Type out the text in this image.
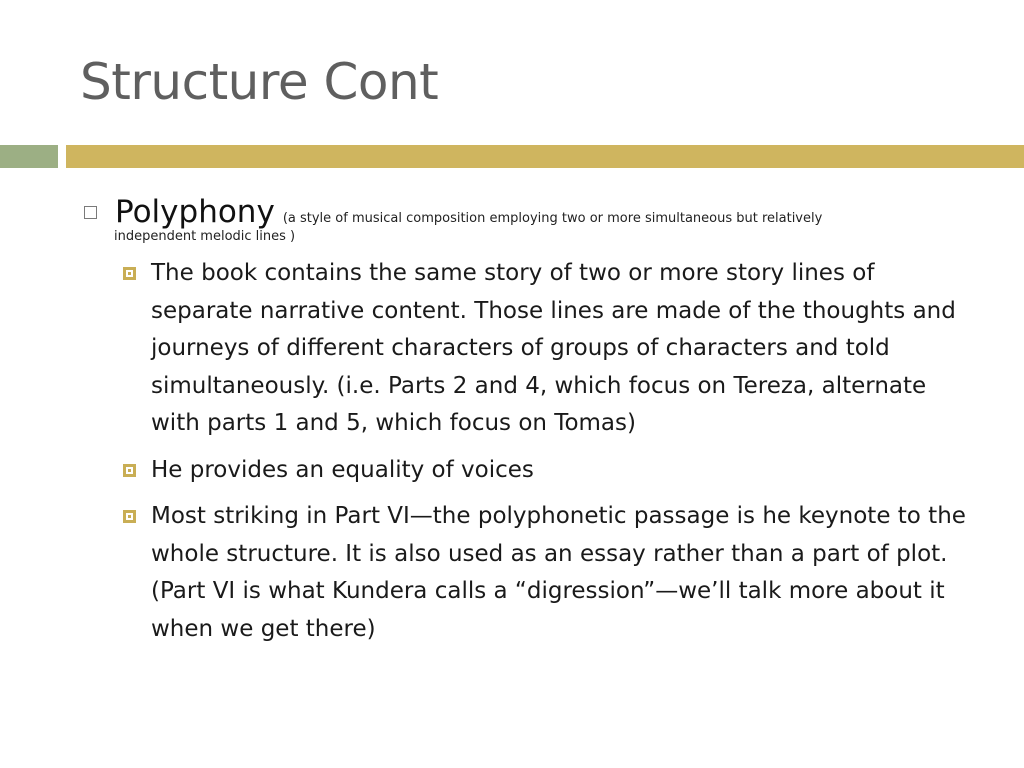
Structure Cont
Polyphony (a style of musical composition employing two or more simultaneous but relatively
independent melodic lines )
The book contains the same story of two or more story lines of separate narrative content. Those lines are made of the thoughts and journeys of different characters of groups of characters and told simultaneously. (i.e. Parts 2 and 4, which focus on Tereza, alternate with parts 1 and 5, which focus on Tomas)
He provides an equality of voices
Most striking in Part VI—the polyphonetic passage is he keynote to the whole structure. It is also used as an essay rather than a part of plot. (Part VI is what Kundera calls a “digression”—we’ll talk more about it when we get there)
